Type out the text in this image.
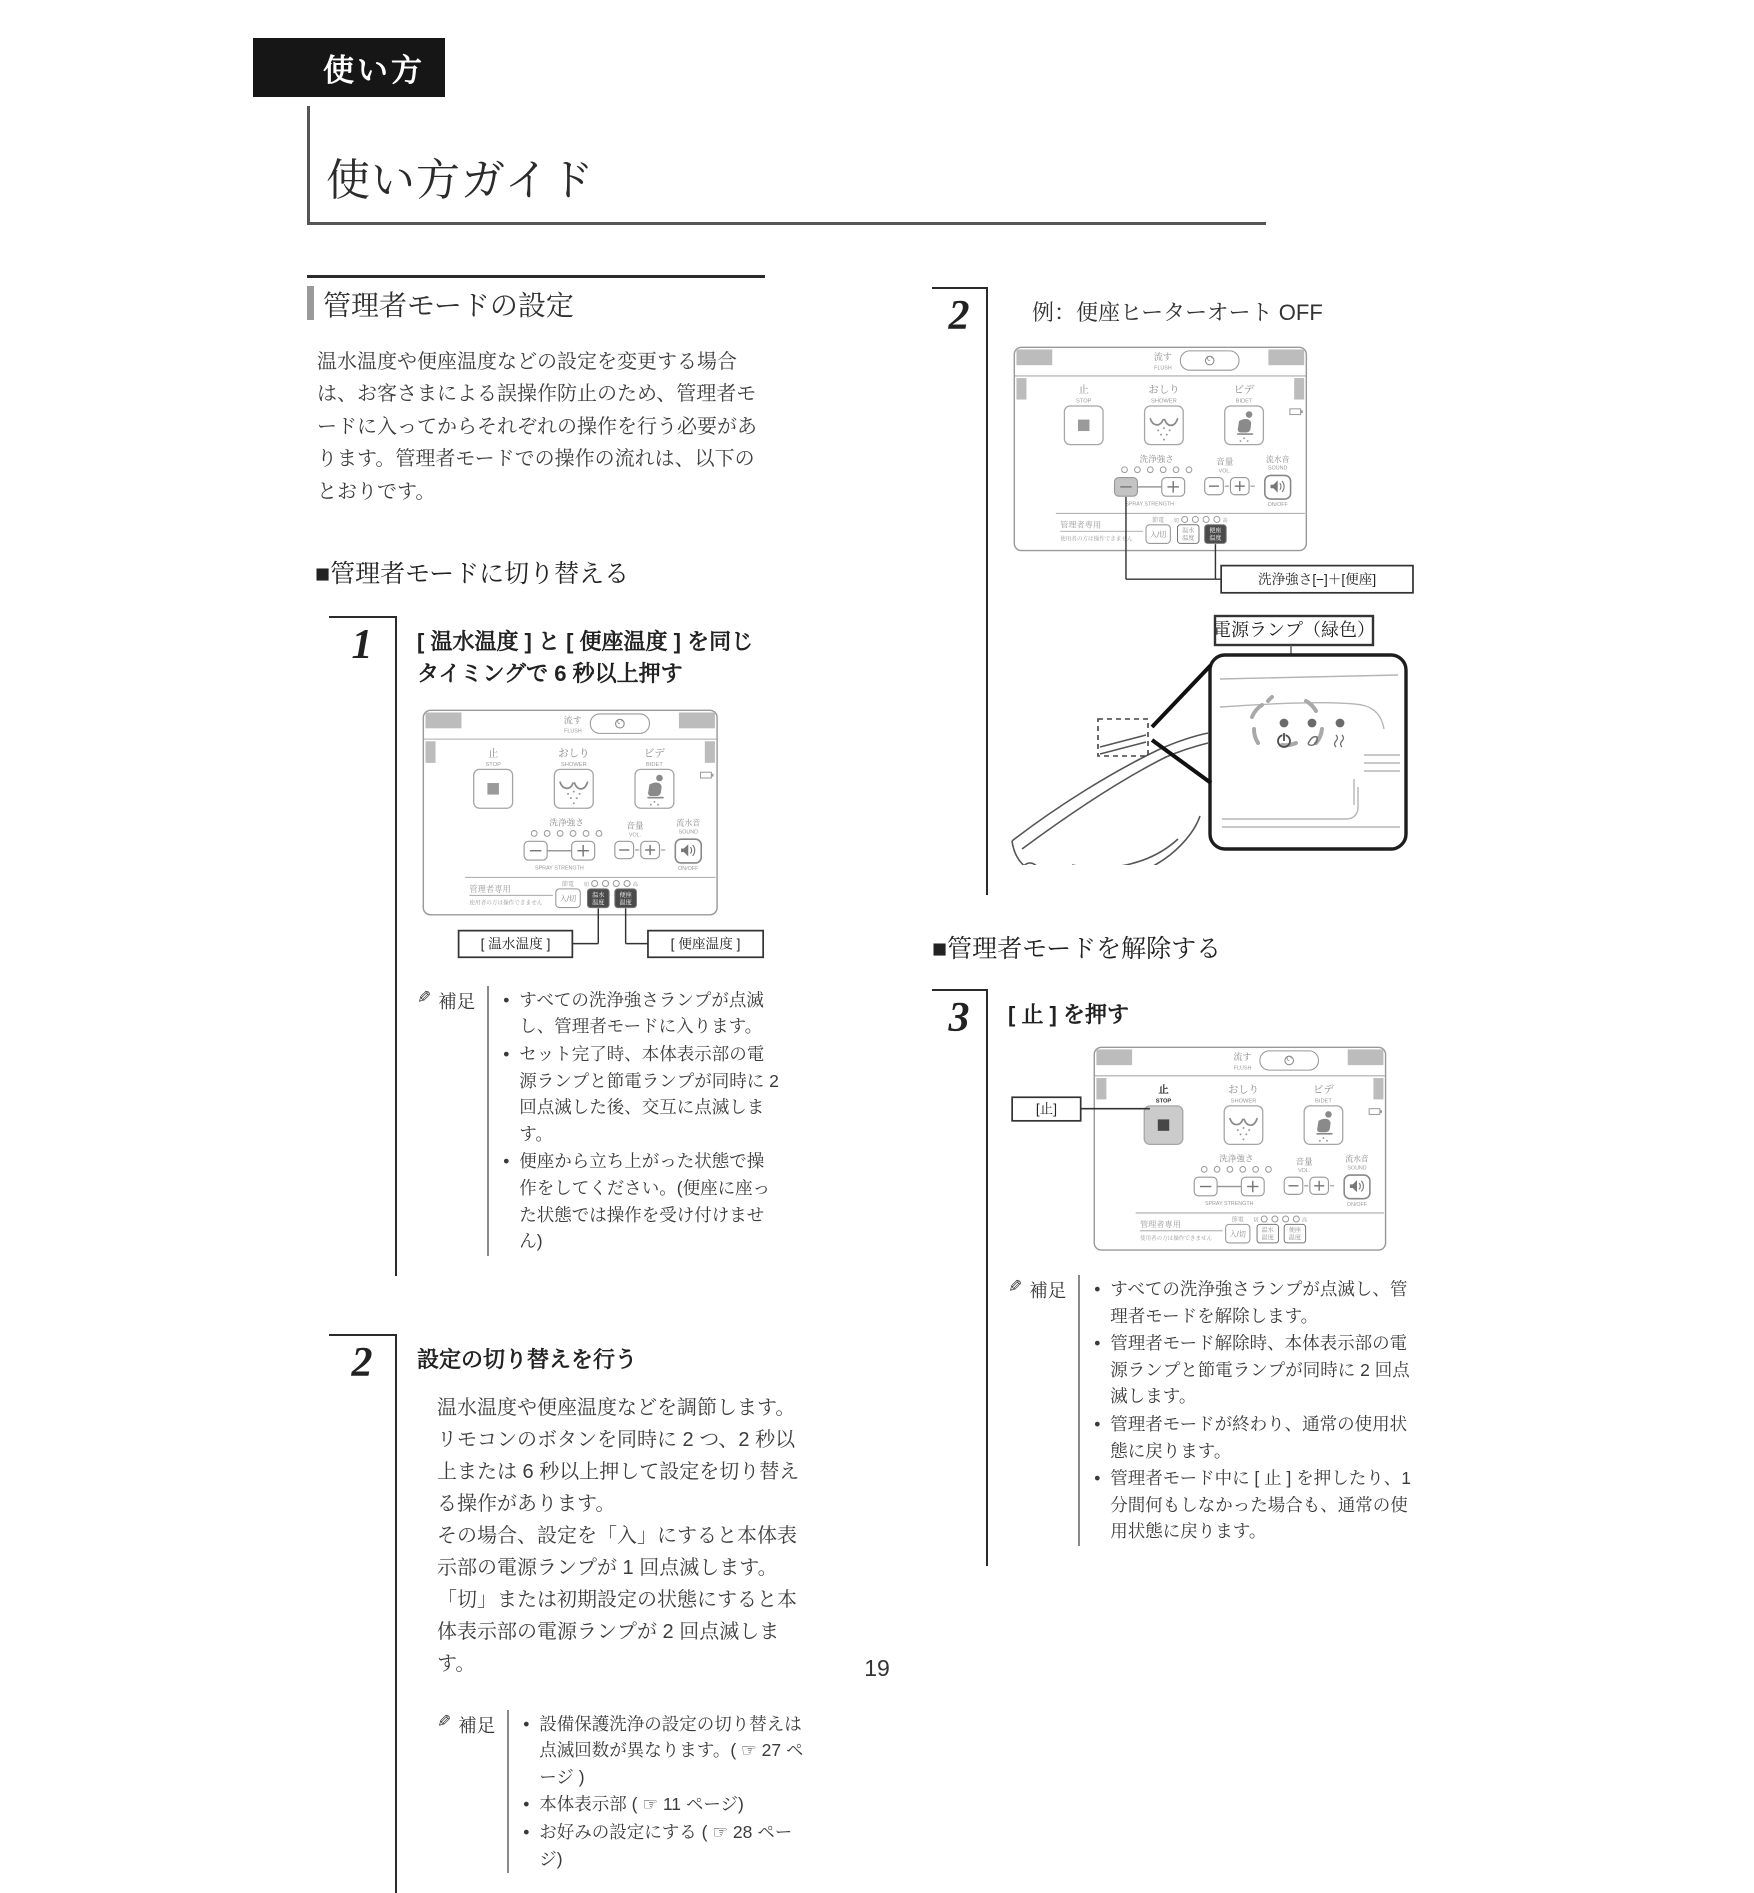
使い方
使い方ガイド
管理者モードの設定
温水温度や便座温度などの設定を変更する場合は、お客さまによる誤操作防止のため、管理者モードに入ってからそれぞれの操作を行う必要があります。管理者モードでの操作の流れは、以下のとおりです。
■管理者モードに切り替える
1	[ 温水温度 ] と [ 便座温度 ] を同じタイミングで 6 秒以上押す
[ 温水温度 ]	[ 便座温度 ]
✎ 補足	• すべての洗浄強さランプが点滅し、管理者モードに入ります。
• セット完了時、本体表示部の電源ランプと節電ランプが同時に 2 回点滅した後、交互に点滅します。
• 便座から立ち上がった状態で操作をしてください。(便座に座った状態では操作を受け付けません)
2	設定の切り替えを行う

温水温度や便座温度などを調節します。

リモコンのボタンを同時に 2 つ、2 秒以上または 6 秒以上押して設定を切り替える操作があります。

その場合、設定を「入」にすると本体表示部の電源ランプが 1 回点滅します。

「切」または初期設定の状態にすると本体表示部の電源ランプが 2 回点滅します。

✎ 補足	• 設備保護洗浄の設定の切り替えは点滅回数が異なります。( ☞ 27 ページ )
• 本体表示部 ( ☞ 11 ページ)
• お好みの設定にする ( ☞ 28 ページ)
2	例：便座ヒーターオート OFF
洗浄強さ[−]＋[便座]
電源ランプ（緑色）
■管理者モードを解除する
3	[ 止 ] を押す
[止]
✎ 補足	• すべての洗浄強さランプが点滅し、管理者モードを解除します。
• 管理者モード解除時、本体表示部の電源ランプと節電ランプが同時に 2 回点滅します。
• 管理者モードが終わり、通常の使用状態に戻ります。
• 管理者モード中に [ 止 ] を押したり、1 分間何もしなかった場合も、通常の使用状態に戻ります。
19
